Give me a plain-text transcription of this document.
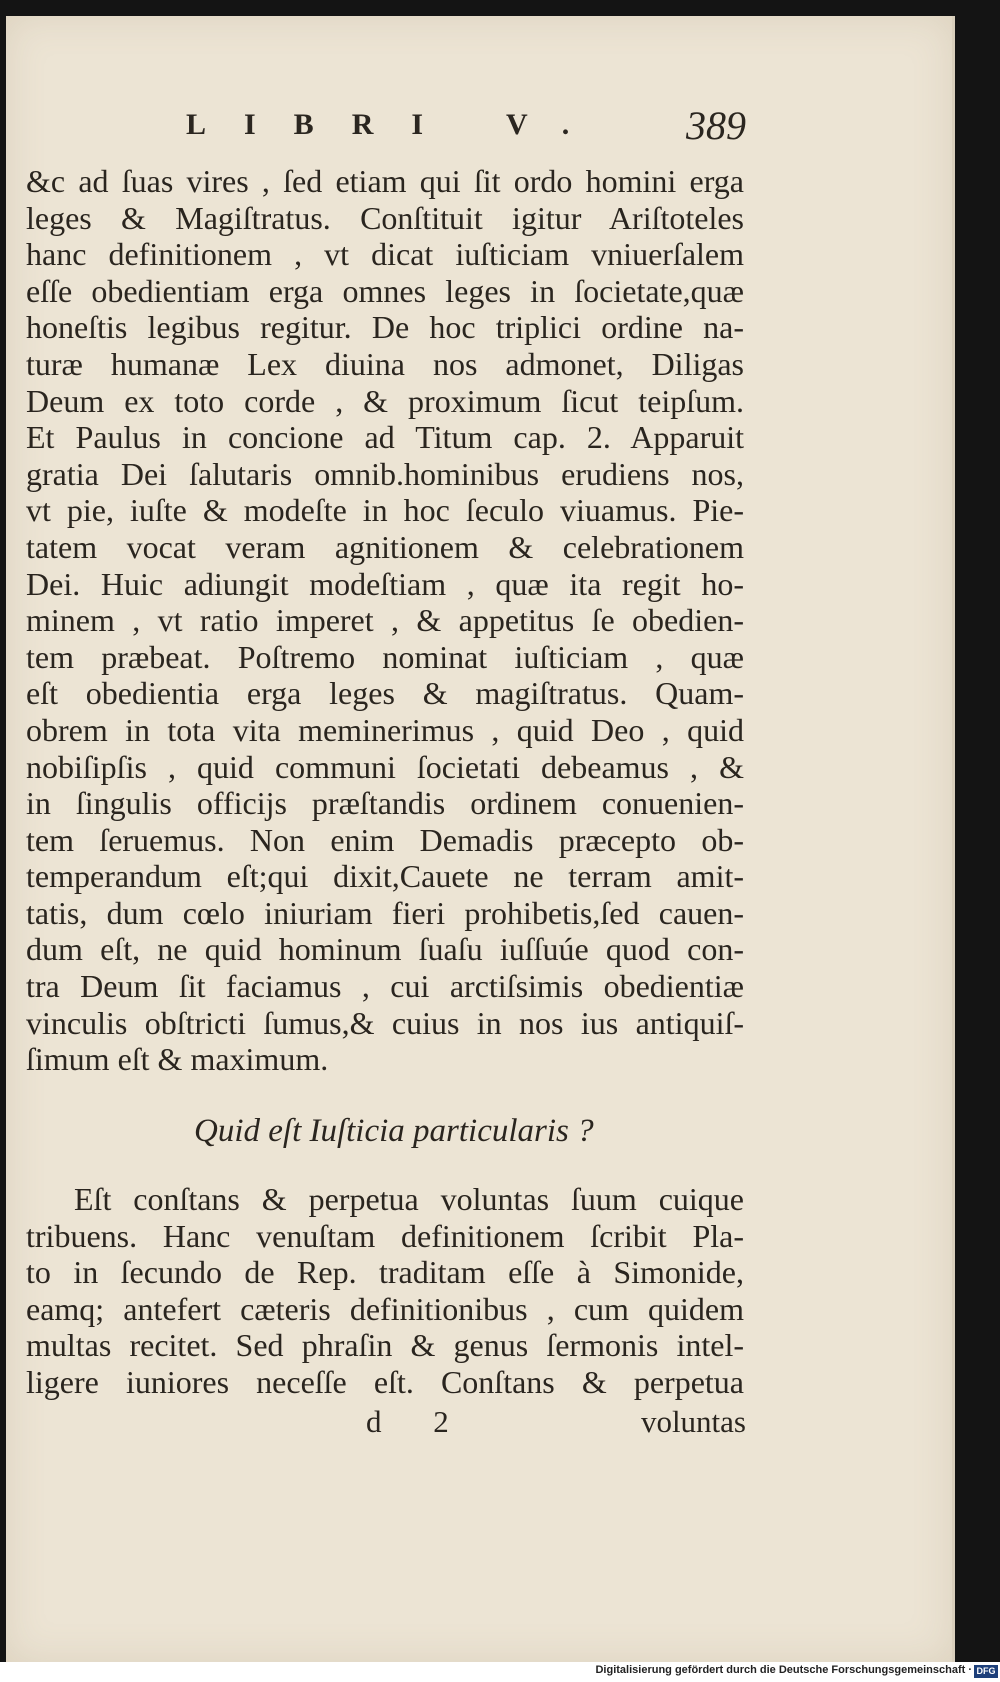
LIBRI V. 389
&c ad ſuas vires , ſed etiam qui ſit ordo homini erga
leges & Magiſtratus. Conſtituit igitur Ariſtoteles
hanc definitionem , vt dicat iuſticiam vniuerſalem
eſſe obedientiam erga omnes leges in ſocietate,quæ
honeſtis legibus regitur. De hoc triplici ordine na-
turæ humanæ Lex diuina nos admonet, Diligas
Deum ex toto corde , & proximum ſicut teipſum.
Et Paulus in concione ad Titum cap. 2. Apparuit
gratia Dei ſalutaris omnib.hominibus erudiens nos,
vt pie, iuſte & modeſte in hoc ſeculo viuamus. Pie-
tatem vocat veram agnitionem & celebrationem
Dei. Huic adiungit modeſtiam , quæ ita regit ho-
minem , vt ratio imperet , & appetitus ſe obedien-
tem præbeat. Poſtremo nominat iuſticiam , quæ
eſt obedientia erga leges & magiſtratus. Quam-
obrem in tota vita meminerimus , quid Deo , quid
nobiſipſis , quid communi ſocietati debeamus , &
in ſingulis officijs præſtandis ordinem conuenien-
tem ſeruemus. Non enim Demadis præcepto ob-
temperandum eſt;qui dixit,Cauete ne terram amit-
tatis, dum cœlo iniuriam fieri prohibetis,ſed cauen-
dum eſt, ne quid hominum ſuaſu iuſſuúe quod con-
tra Deum ſit faciamus , cui arctiſsimis obedientiæ
vinculis obſtricti ſumus,& cuius in nos ius antiquiſ-
ſimum eſt & maximum.
Quid eſt Iuſticia particularis ?
Eſt conſtans & perpetua voluntas ſuum cuique
tribuens. Hanc venuſtam definitionem ſcribit Pla-
to in ſecundo de Rep. traditam eſſe à Simonide,
eamq; antefert cæteris definitionibus , cum quidem
multas recitet. Sed phraſin & genus ſermonis intel-
ligere iuniores neceſſe eſt. Conſtans & perpetua
d 2	voluntas
Digitalisierung gefördert durch die Deutsche Forschungsgemeinschaft · DFG
